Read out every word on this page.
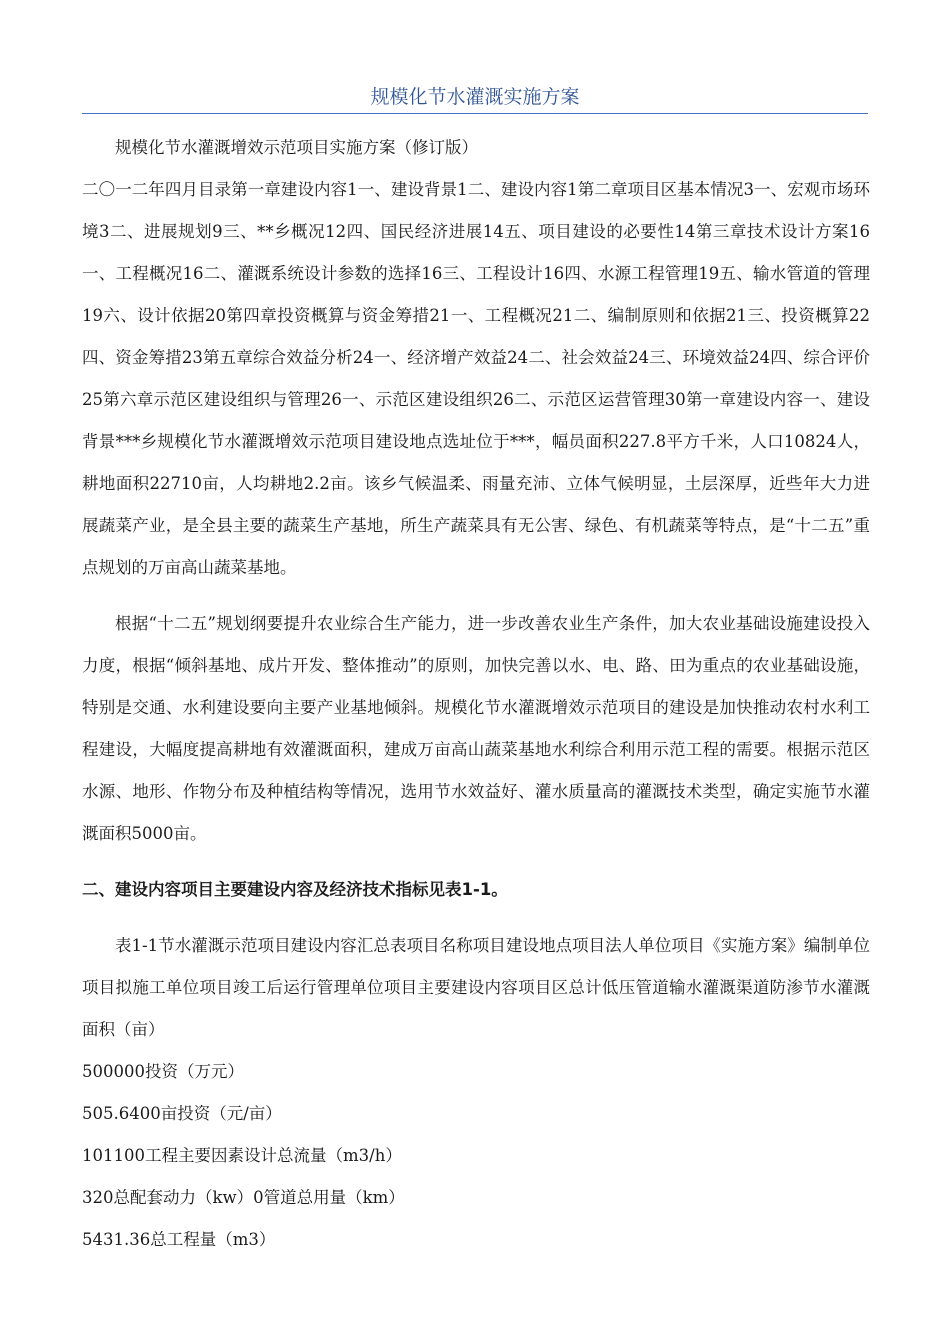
规模化节水灌溉实施方案

规模化节水灌溉增效示范项目实施方案（修订版）

二〇一二年四月目录第一章建设内容1一、建设背景1二、建设内容1第二章项目区基本情况3一、宏观市场环境3二、进展规划9三、**乡概况12四、国民经济进展14五、项目建设的必要性14第三章技术设计方案16一、工程概况16二、灌溉系统设计参数的选择16三、工程设计16四、水源工程管理19五、输水管道的管理19六、设计依据20第四章投资概算与资金筹措21一、工程概况21二、编制原则和依据21三、投资概算22四、资金筹措23第五章综合效益分析24一、经济增产效益24二、社会效益24三、环境效益24四、综合评价25第六章示范区建设组织与管理26一、示范区建设组织26二、示范区运营管理30第一章建设内容一、建设背景***乡规模化节水灌溉增效示范项目建设地点选址位于***，幅员面积227.8平方千米，人口10824人，耕地面积22710亩，人均耕地2.2亩。该乡气候温柔、雨量充沛、立体气候明显，土层深厚，近些年大力进展蔬菜产业，是全县主要的蔬菜生产基地，所生产蔬菜具有无公害、绿色、有机蔬菜等特点，是“十二五”重点规划的万亩高山蔬菜基地。

根据“十二五”规划纲要提升农业综合生产能力，进一步改善农业生产条件，加大农业基础设施建设投入力度，根据“倾斜基地、成片开发、整体推动”的原则，加快完善以水、电、路、田为重点的农业基础设施，特别是交通、水利建设要向主要产业基地倾斜。规模化节水灌溉增效示范项目的建设是加快推动农村水利工程建设，大幅度提高耕地有效灌溉面积，建成万亩高山蔬菜基地水利综合利用示范工程的需要。根据示范区水源、地形、作物分布及种植结构等情况，选用节水效益好、灌水质量高的灌溉技术类型，确定实施节水灌溉面积5000亩。

二、建设内容项目主要建设内容及经济技术指标见表1-1。

表1-1节水灌溉示范项目建设内容汇总表项目名称项目建设地点项目法人单位项目《实施方案》编制单位项目拟施工单位项目竣工后运行管理单位项目主要建设内容项目区总计低压管道输水灌溉渠道防渗节水灌溉面积（亩）

500000投资（万元）

505.6400亩投资（元/亩）

101100工程主要因素设计总流量（m3/h）

320总配套动力（kw）0管道总用量（km）

5431.36总工程量（m3）
